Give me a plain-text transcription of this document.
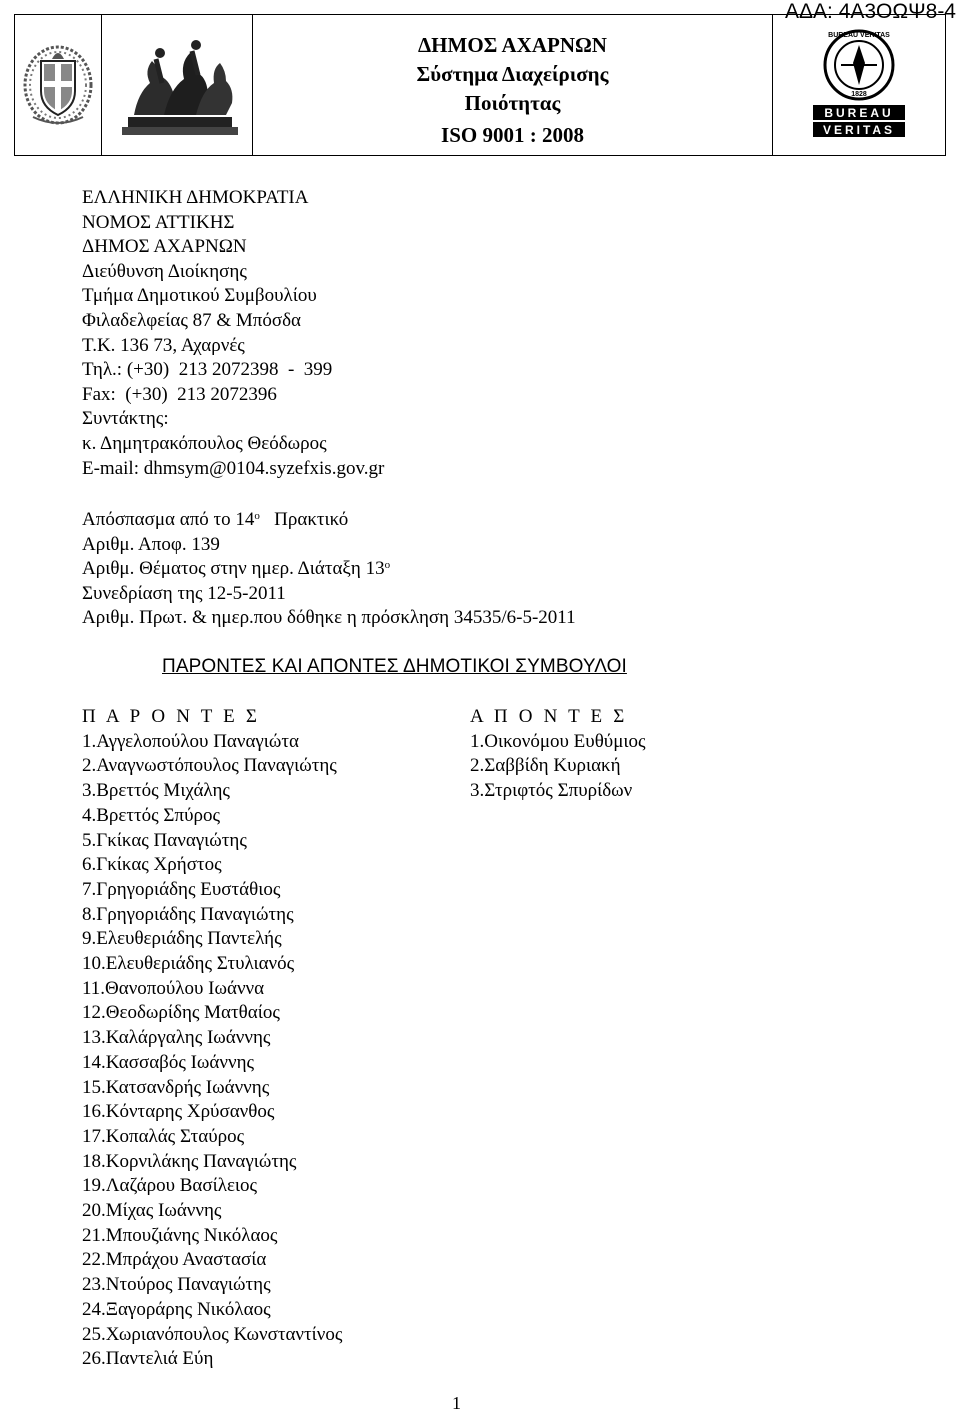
ΑΔΑ: 4Α3ΟΩΨ8-4

ΔΗΜΟΣ ΑΧΑΡΝΩΝ
Σύστημα Διαχείρισης
Ποιότητας
ISO 9001 : 2008

BUREAU VERITAS
1828
BUREAU
VERITAS
ΕΛΛΗΝΙΚΗ ΔΗΜΟΚΡΑΤΙΑ
ΝΟΜΟΣ ΑΤΤΙΚΗΣ
ΔΗΜΟΣ ΑΧΑΡΝΩΝ
Διεύθυνση Διοίκησης
Τμήμα Δημοτικού Συμβουλίου
Φιλαδελφείας 87 & Μπόσδα
Τ.Κ. 136 73, Αχαρνές
Τηλ.: (+30)  213 2072398  -  399
Fax:  (+30)  213 2072396
Συντάκτης:
κ. Δημητρακόπουλος Θεόδωρος
E-mail: dhmsym@0104.syzefxis.gov.gr
Απόσπασμα από το $14^o$   Πρακτικό
Αριθμ. Αποφ. 139
Αριθμ. Θέματος στην ημερ. Διάταξη $13^o$
Συνεδρίαση της 12-5-2011
Αριθμ. Πρωτ. & ημερ.που δόθηκε η πρόσκληση 34535/6-5-2011
ΠΑΡΟΝΤΕΣ ΚΑΙ ΑΠΟΝΤΕΣ ΔΗΜΟΤΙΚΟΙ ΣΥΜΒΟΥΛΟΙ
Π Α Ρ Ο Ν Τ Ε Σ
1.Αγγελοπούλου Παναγιώτα
2.Αναγνωστόπουλος Παναγιώτης
3.Βρεττός Μιχάλης
4.Βρεττός Σπύρος
5.Γκίκας Παναγιώτης
6.Γκίκας Χρήστος
7.Γρηγοριάδης Ευστάθιος
8.Γρηγοριάδης Παναγιώτης
9.Ελευθεριάδης Παντελής
10.Ελευθεριάδης Στυλιανός
11.Θανοπούλου Ιωάννα
12.Θεοδωρίδης Ματθαίος
13.Καλάργαλης Ιωάννης
14.Κασσαβός Ιωάννης
15.Κατσανδρής Ιωάννης
16.Κόνταρης Χρύσανθος
17.Κοπαλάς Σταύρος
18.Κορνιλάκης Παναγιώτης
19.Λαζάρου Βασίλειος
20.Μίχας Ιωάννης
21.Μπουζιάνης Νικόλαος
22.Μπράχου Αναστασία
23.Ντούρος Παναγιώτης
24.Ξαγοράρης Νικόλαος
25.Χωριανόπουλος Κωνσταντίνος
26.Παντελιά Εύη
Α Π Ο Ν Τ Ε Σ
1.Οικονόμου Ευθύμιος
2.Σαββίδη Κυριακή
3.Στριφτός Σπυρίδων
1
